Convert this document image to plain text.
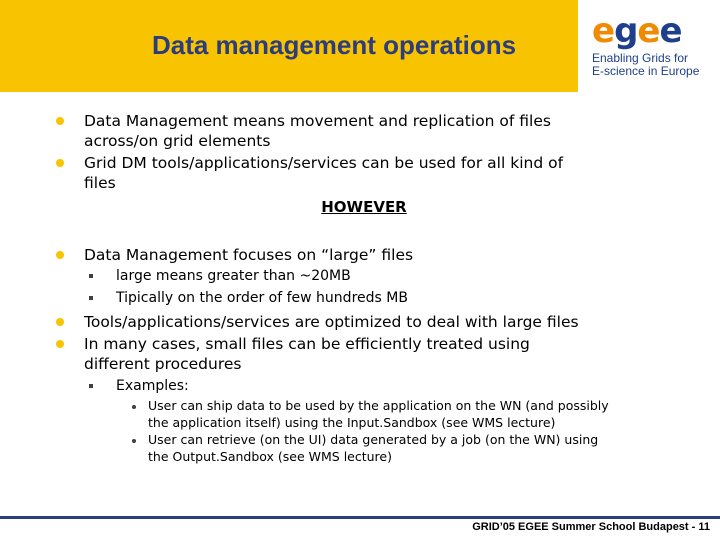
Data management operations	egee
Enabling Grids for
E-science in Europe
Data Management means movement and replication of files
across/on grid elements
Grid DM tools/applications/services can be used for all kind of
files
HOWEVER
Data Management focuses on “large” files
large means greater than ~20MB
Tipically on the order of few hundreds MB
Tools/applications/services are optimized to deal with large files
In many cases, small files can be efficiently treated using
different procedures
Examples:
User can ship data to be used by the application on the WN (and possibly
the application itself) using the Input.Sandbox (see WMS lecture)
User can retrieve (on the UI) data generated by a job (on the WN) using
the Output.Sandbox (see WMS lecture)
GRID’05 EGEE Summer School Budapest - 11
